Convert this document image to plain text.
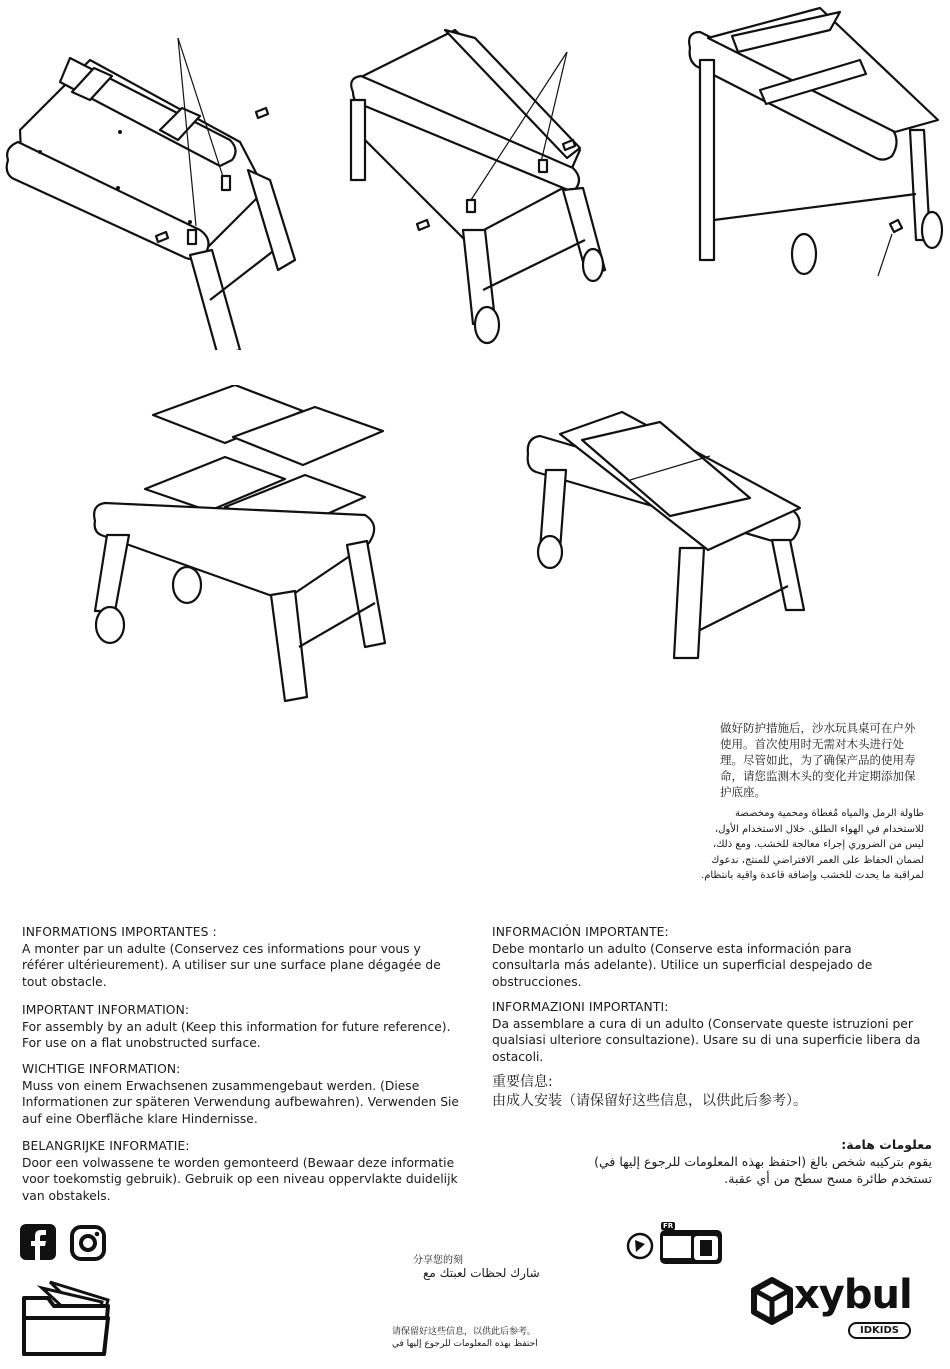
做好防护措施后，沙水玩具桌可在户外使用。首次使用时无需对木头进行处理。尽管如此，为了确保产品的使用寿命，请您监测木头的变化并定期添加保护底座。
طاولة الرمل والمياه مُغطاة ومحمية ومخصصة للاستخدام في الهواء الطلق. خلال الاستخدام الأول، ليس من الضروري إجراء معالجة للخشب. ومع ذلك، لضمان الحفاظ على العمر الافتراضي للمنتج، ندعوك لمراقبة ما يحدث للخشب وإضافة قاعدة واقية بانتظام.

INFORMATIONS IMPORTANTES :

A monter par un adulte (Conservez ces informations pour vous y référer ultérieurement). A utiliser sur une surface plane dégagée de tout obstacle.

IMPORTANT INFORMATION:

For assembly by an adult (Keep this information for future reference). For use on a flat unobstructed surface.

WICHTIGE INFORMATION:

Muss von einem Erwachsenen zusammengebaut werden. (Diese Informationen zur späteren Verwendung aufbewahren). Verwenden Sie auf eine Oberfläche klare Hindernisse.

BELANGRIJKE INFORMATIE:

Door een volwassene te worden gemonteerd (Bewaar deze informatie voor toekomstig gebruik). Gebruik op een niveau oppervlakte duidelijk van obstakels.

INFORMACIÓN IMPORTANTE:

Debe montarlo un adulto (Conserve esta información para consultarla más adelante). Utilice un superficial despejado de obstrucciones.

INFORMAZIONI IMPORTANTI:

Da assemblare a cura di un adulto (Conservate queste istruzioni per qualsiasi ulteriore consultazione). Usare su di una superficie libera da ostacoli.

重要信息:

由成人安装（请保留好这些信息，以供此后参考）。

معلومات هامة:

يقوم بتركيبه شخص بالغ (احتفظ بهذه المعلومات للرجوع إليها في)

تستخدم طائرة مسح سطح من أي عقبة.

分享您的刻
شارك لحظات لعبتك مع
请保留好这些信息，以供此后参考。
احتفظ بهذه المعلومات للرجوع إليها في
FR
xybul
IDKIDS
